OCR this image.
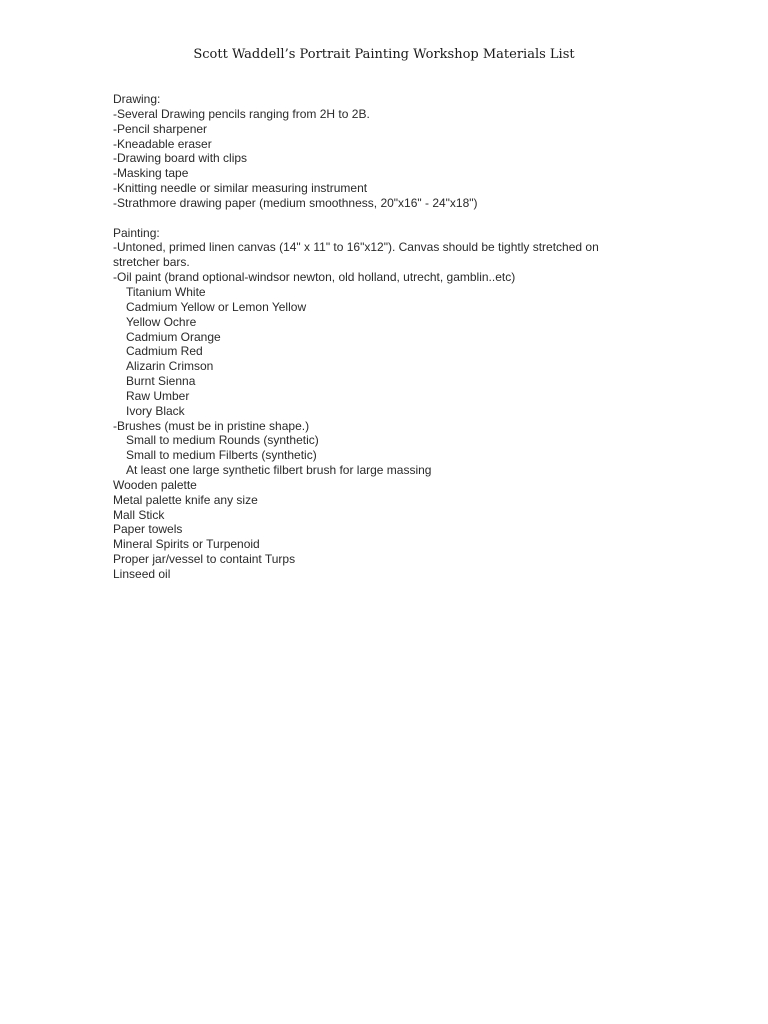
Scott Waddell’s Portrait Painting Workshop Materials List
Drawing:
-Several Drawing pencils ranging from 2H to 2B.
-Pencil sharpener
-Kneadable eraser
-Drawing board with clips
-Masking tape
-Knitting needle or similar measuring instrument
-Strathmore drawing paper (medium smoothness, 20"x16" - 24"x18")
Painting:
-Untoned, primed linen canvas (14" x 11" to 16"x12"). Canvas should be tightly stretched on
stretcher bars.
-Oil paint (brand optional-windsor newton, old holland, utrecht, gamblin..etc)
Titanium White
Cadmium Yellow or Lemon Yellow
Yellow Ochre
Cadmium Orange
Cadmium Red
Alizarin Crimson
Burnt Sienna
Raw Umber
Ivory Black
-Brushes (must be in pristine shape.)
Small to medium Rounds (synthetic)
Small to medium Filberts (synthetic)
At least one large synthetic filbert brush for large massing
Wooden palette
Metal palette knife any size
Mall Stick
Paper towels
Mineral Spirits or Turpenoid
Proper jar/vessel to containt Turps
Linseed oil
